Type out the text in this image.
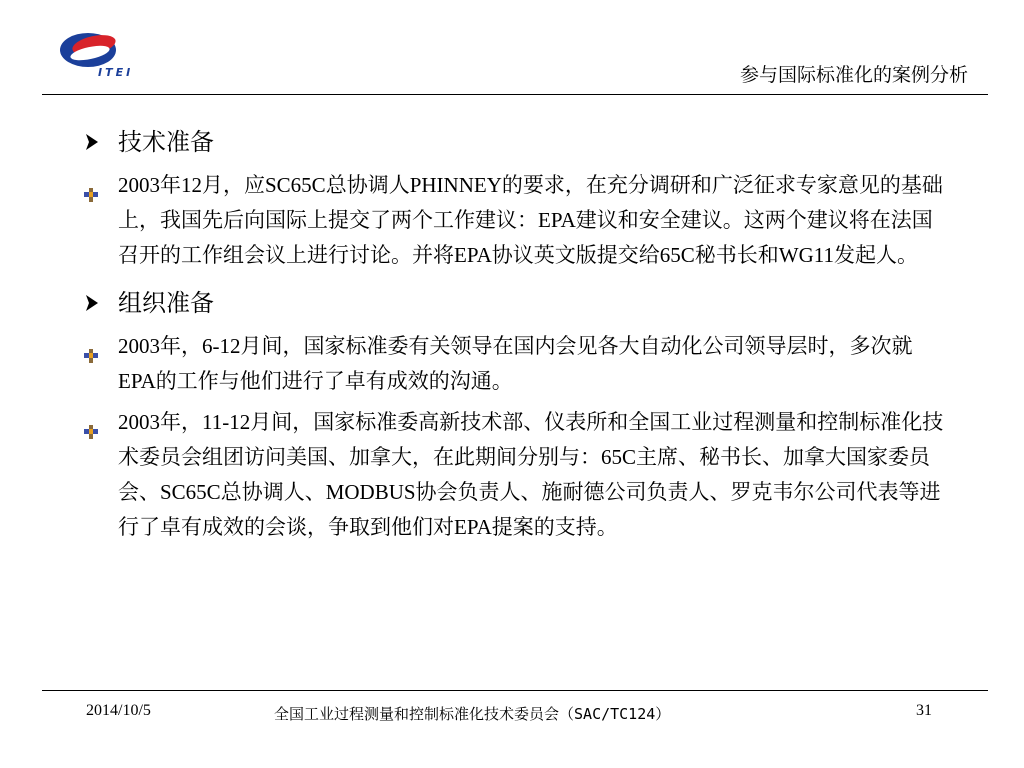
ITEI	参与国际标准化的案例分析
技术准备
2003年12月，应SC65C总协调人PHINNEY的要求，在充分调研和广泛征求专家意见的基础上，我国先后向国际上提交了两个工作建议：EPA建议和安全建议。这两个建议将在法国召开的工作组会议上进行讨论。并将EPA协议英文版提交给65C秘书长和WG11发起人。
组织准备
2003年，6-12月间，国家标准委有关领导在国内会见各大自动化公司领导层时，多次就EPA的工作与他们进行了卓有成效的沟通。
2003年，11-12月间，国家标准委高新技术部、仪表所和全国工业过程测量和控制标准化技术委员会组团访问美国、加拿大，在此期间分别与：65C主席、秘书长、加拿大国家委员会、SC65C总协调人、MODBUS协会负责人、施耐德公司负责人、罗克韦尔公司代表等进行了卓有成效的会谈，争取到他们对EPA提案的支持。
2014/10/5	全国工业过程测量和控制标准化技术委员会（SAC/TC124）	31
